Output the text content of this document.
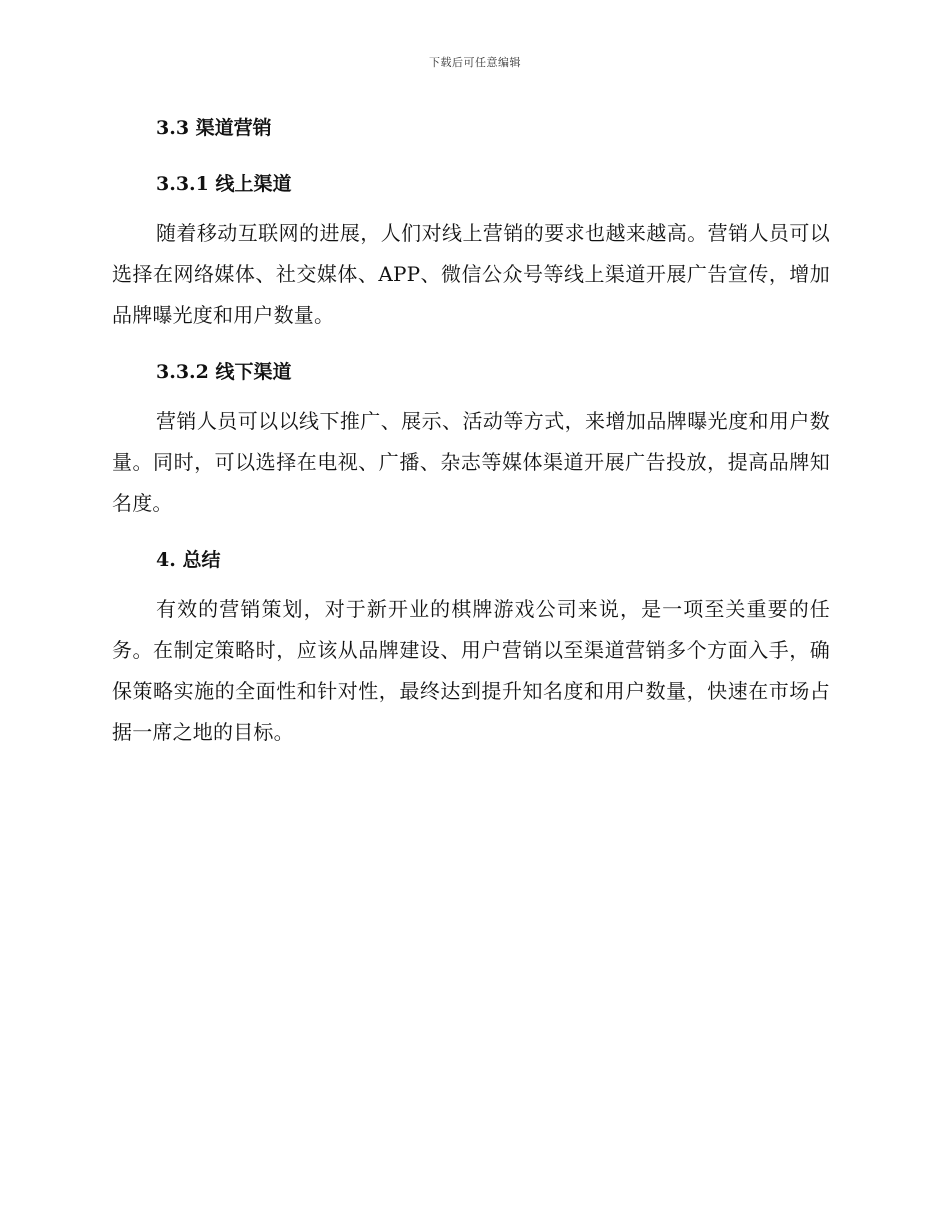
下载后可任意编辑
3.3 渠道营销
3.3.1 线上渠道

随着移动互联网的进展，人们对线上营销的要求也越来越高。营销人员可以选择在网络媒体、社交媒体、APP、微信公众号等线上渠道开展广告宣传，增加品牌曝光度和用户数量。

3.3.2 线下渠道

营销人员可以以线下推广、展示、活动等方式，来增加品牌曝光度和用户数量。同时，可以选择在电视、广播、杂志等媒体渠道开展广告投放，提高品牌知名度。

4. 总结

有效的营销策划，对于新开业的棋牌游戏公司来说，是一项至关重要的任务。在制定策略时，应该从品牌建设、用户营销以至渠道营销多个方面入手，确保策略实施的全面性和针对性，最终达到提升知名度和用户数量，快速在市场占据一席之地的目标。
